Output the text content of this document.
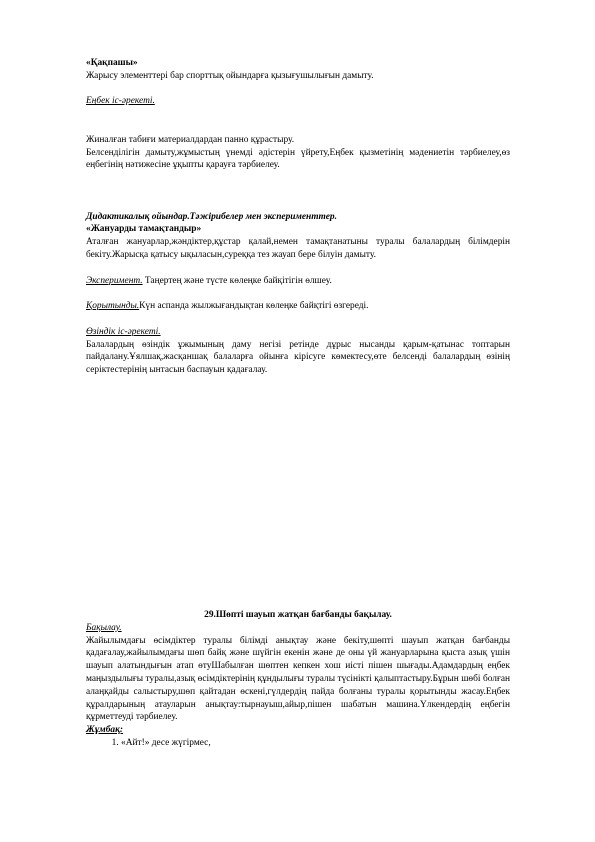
«Қақпашы»

Жарысу элементтері бар спорттық ойындарға қызығушылығын дамыту.

Еңбек іс-әрекеті.

Жиналған табиғи материалдардан панно құрастыру.

Белсенділігін дамыту,жұмыстың үнемді әдістерін үйрету,Еңбек қызметінің мәдениетін тәрбиелеу,өз еңбегінің нәтижесіне ұқыпты қарауға тәрбиелеу.

Дидактикалық ойындар.Тәжірибелер мен эксперименттер.

«Жануарды тамақтандыр»

Аталған жануарлар,жәндіктер,құстар қалай,немен тамақтанатыны туралы балалардың білімдерін бекіту.Жарысқа қатысу ықыласын,суреққа тез жауап бере білуін дамыту.

Эксперимент. Таңертең және түсте көлеңке байқітігін өлшеу.

Қорытынды.Күн аспанда жылжығандықтан көлеңке байқтігі өзгереді.

Өзіндік іс-әрекеті.

Балалардың өзіндік ұжымының даму негізі ретінде дұрыс нысанды қарым-қатынас топтарын пайдалану.Ұялшақ,жасқаншақ балаларға ойынға кіріcуге көмектесу,өте белсенді балалардың өзінің серіктестерінің ынтасын баспауын қадағалау.

29.Шөпті шауып жатқан бағбанды бақылау.

Бақылау.

Жайылымдағы өсімдіктер туралы білімді анықтау және бекіту,шөпті шауып жатқан бағбанды қадағалау,жайылымдағы шөп байқ және шүйгін екенін және де оны үй жануарларына қыста азық үшін шауып алатындығын атап өтуШабылған шөптен кепкен хош иісті пішен шығады.Адамдардың еңбек маңыздылығы туралы,азық өсімдіктерінің құндылығы туралы түсінікті қалыптастыру.Бұрын шөбі болған алаңқайды салыстыру,шөп қайтадан өскені,гүлдердің пайда болғаны туралы қорытынды жасау.Еңбек құралдарының атауларын анықтау:тырнауыш,айыр,пішен шабатын машина.Үлкендердің еңбегін құрметтеуді тәрбиелеу.

Жұмбақ:

1. «Айт!» десе жүгірмес,
